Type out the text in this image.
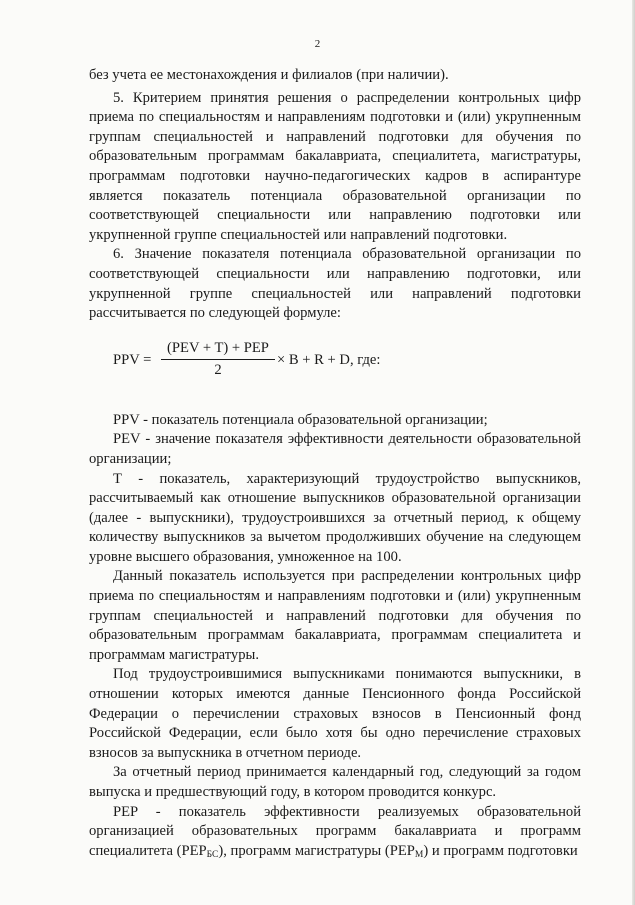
2

без учета ее местонахождения и филиалов (при наличии).

5. Критерием принятия решения о распределении контрольных цифр приема по специальностям и направлениям подготовки и (или) укрупненным группам специальностей и направлений подготовки для обучения по образовательным программам бакалавриата, специалитета, магистратуры, программам подготовки научно-педагогических кадров в аспирантуре является показатель потенциала образовательной организации по соответствующей специальности или направлению подготовки или укрупненной группе специальностей или направлений подготовки.

6. Значение показателя потенциала образовательной организации по соответствующей специальности или направлению подготовки, или укрупненной группе специальностей или направлений подготовки рассчитывается по следующей формуле:

PPV =
(PEV + T) + PEP
2
× B + R + D, где:

PPV - показатель потенциала образовательной организации;

PEV - значение показателя эффективности деятельности образовательной организации;

Т - показатель, характеризующий трудоустройство выпускников, рассчитываемый как отношение выпускников образовательной организации (далее - выпускники), трудоустроившихся за отчетный период, к общему количеству выпускников за вычетом продолживших обучение на следующем уровне высшего образования, умноженное на 100.

Данный показатель используется при распределении контрольных цифр приема по специальностям и направлениям подготовки и (или) укрупненным группам специальностей и направлений подготовки для обучения по образовательным программам бакалавриата, программам специалитета и программам магистратуры.

Под трудоустроившимися выпускниками понимаются выпускники, в отношении которых имеются данные Пенсионного фонда Российской Федерации о перечислении страховых взносов в Пенсионный фонд Российской Федерации, если было хотя бы одно перечисление страховых взносов за выпускника в отчетном периоде.

За отчетный период принимается календарный год, следующий за годом выпуска и предшествующий году, в котором проводится конкурс.

PEP - показатель эффективности реализуемых образовательной организацией образовательных программ бакалавриата и программ специалитета $(PEP_{БС})$, программ магистратуры $(PEP_М)$ и программ подготовки
